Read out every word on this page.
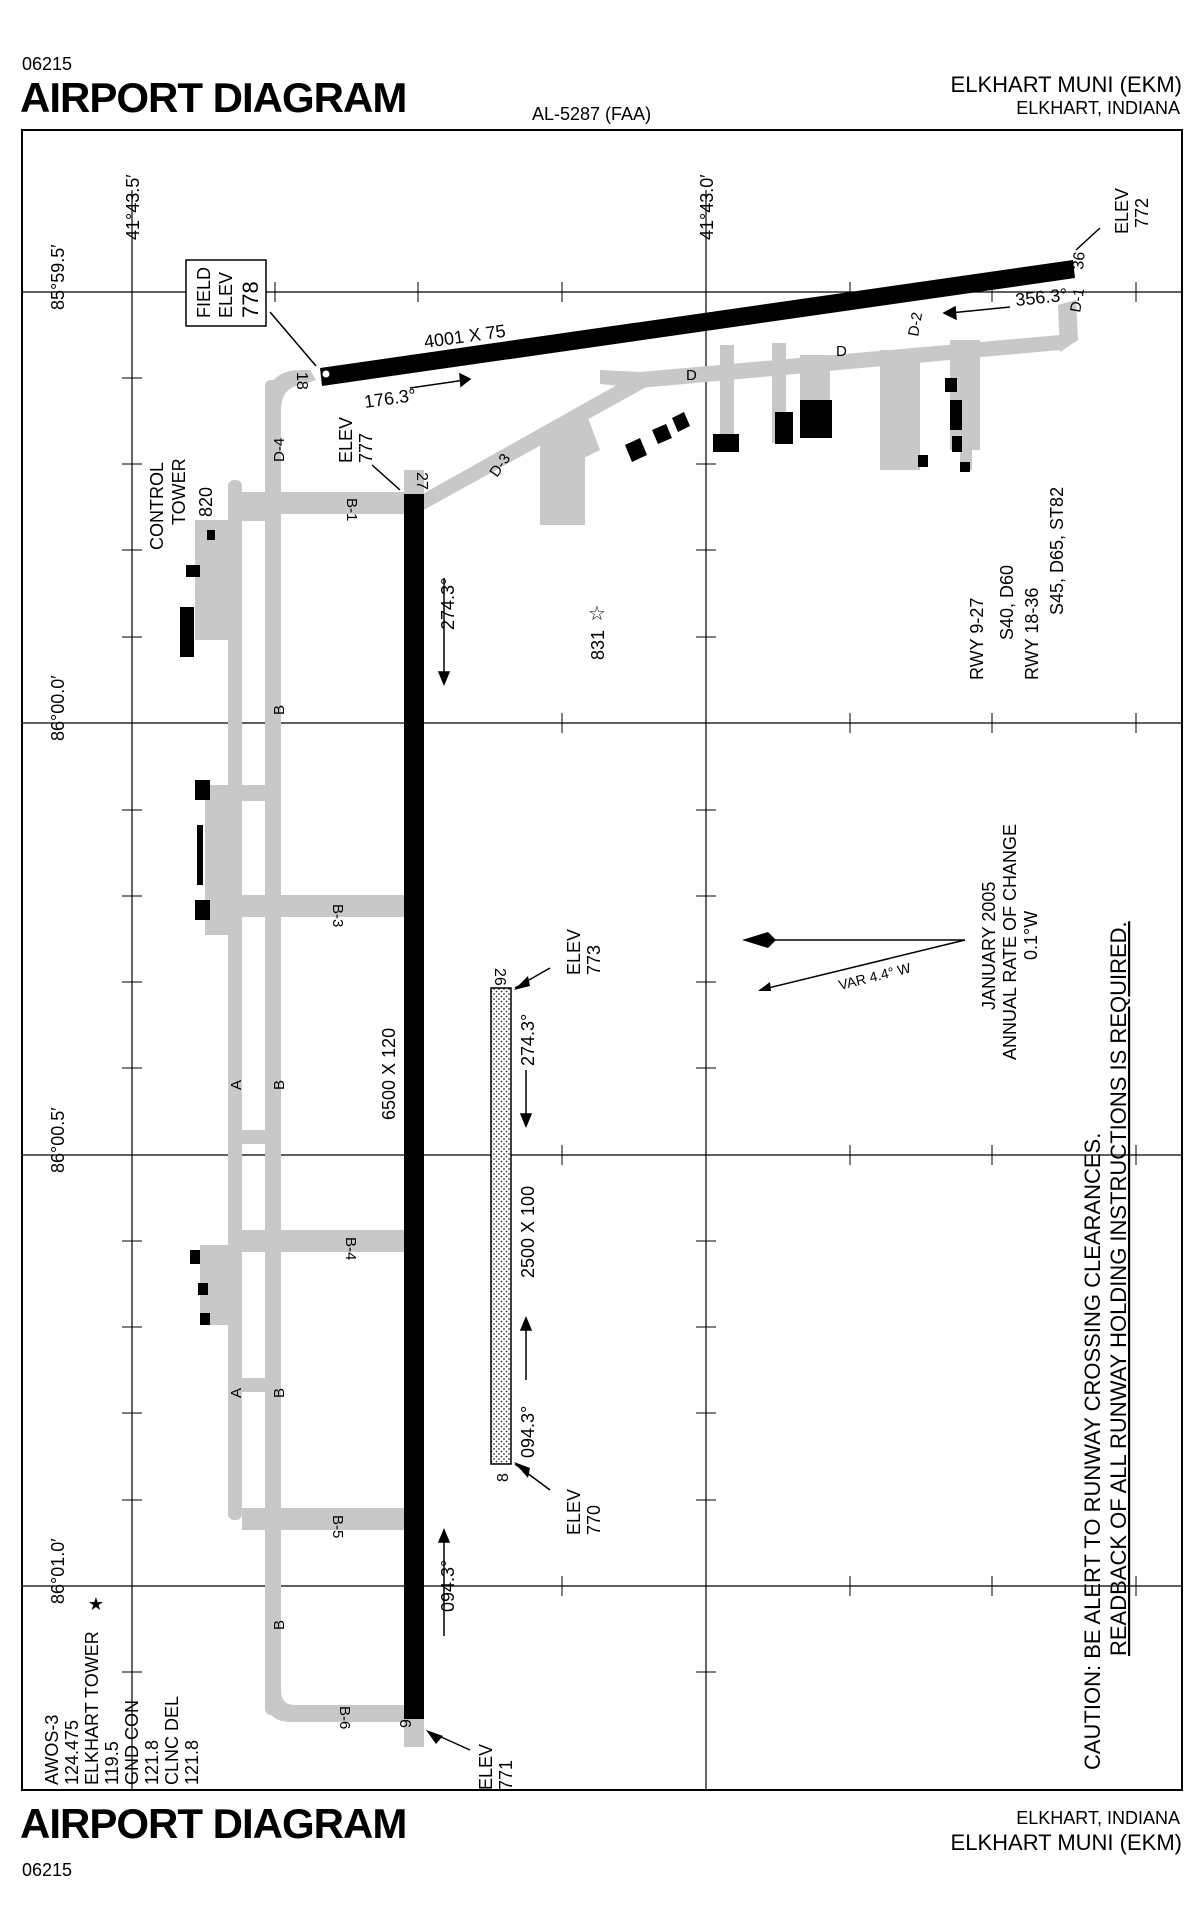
06215
AIRPORT DIAGRAM	AL-5287 (FAA)
ELKHART MUNI (EKM)
ELKHART, INDIANA
AIRPORT DIAGRAM
06215
ELKHART, INDIANA
ELKHART MUNI (EKM)
☆
★
41°43.5′	41°43.0′
85°59.5′
86°00.0′
86°00.5′
86°01.0′
FIELD ELEV 778
CONTROL TOWER 820
ELEV 777
27
274.3°
6500 X 120
094.3°
9
ELEV 771
26
ELEV 773
274.3°
2500 X 100
094.3°
8
ELEV 770
831
ELEV 772
RWY 9-27 S40, D60 RWY 18-36
S45, D65, ST82
JANUARY 2005 ANNUAL RATE OF CHANGE 0.1°W
VAR 4.4° W
CAUTION: BE ALERT TO RUNWAY CROSSING CLEARANCES. READBACK OF ALL RUNWAY HOLDING INSTRUCTIONS IS REQUIRED.
AWOS-3 124.475 ELKHART TOWER 119.5 GND CON 121.8 CLNC DEL 121.8
D-4
B
B
B
B
A
A
B-1
B-3
B-4
B-5
B-6
D-3
D-2
D-1
4001 X 75
176.3°
356.3°
18
36
D
D
